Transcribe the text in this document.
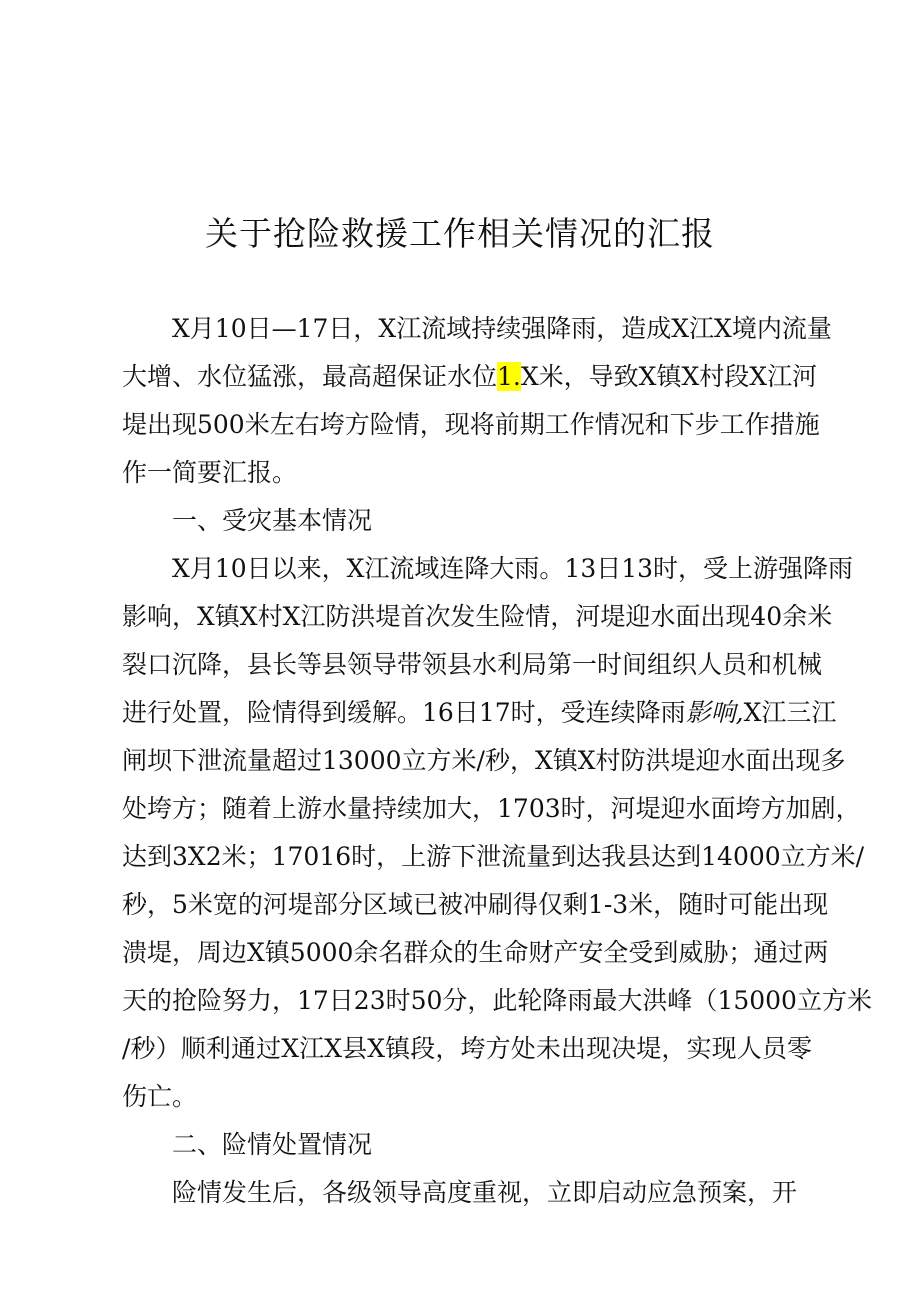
关于抢险救援工作相关情况的汇报
X月10日—17日，X江流域持续强降雨，造成X江X境内流量
大增、水位猛涨，最高超保证水位1.X米，导致X镇X村段X江河
堤出现500米左右垮方险情，现将前期工作情况和下步工作措施
作一简要汇报。
一、受灾基本情况
X月10日以来，X江流域连降大雨。13日13时，受上游强降雨
影响，X镇X村X江防洪堤首次发生险情，河堤迎水面出现40余米
裂口沉降，县长等县领导带领县水利局第一时间组织人员和机械
进行处置，险情得到缓解。16日17时，受连续降雨影响,X江三江
闸坝下泄流量超过13000立方米/秒，X镇X村防洪堤迎水面出现多
处垮方；随着上游水量持续加大，1703时，河堤迎水面垮方加剧，
达到3X2米；17016时，上游下泄流量到达我县达到14000立方米/
秒，5米宽的河堤部分区域已被冲刷得仅剩1-3米，随时可能出现
溃堤，周边X镇5000余名群众的生命财产安全受到威胁；通过两
天的抢险努力，17日23时50分，此轮降雨最大洪峰（15000立方米
/秒）顺利通过X江X县X镇段，垮方处未出现决堤，实现人员零
伤亡。
二、险情处置情况
险情发生后，各级领导高度重视，立即启动应急预案，开
